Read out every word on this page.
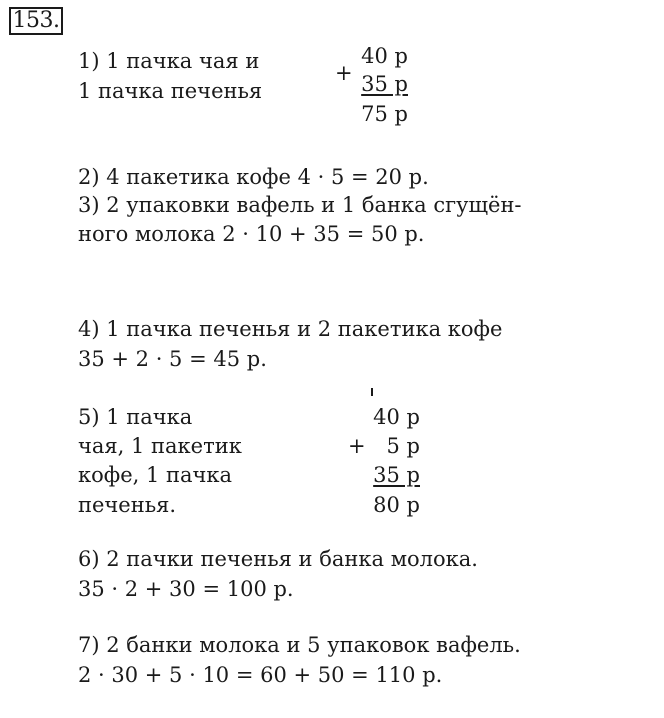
153.
1) 1 пачка чая и
1 пачка печенья
+
40 р
35 р
75 р
2) 4 пакетика кофе 4 · 5 = 20 р.
3) 2 упаковки вафель и 1 банка сгущён-
ного молока 2 · 10 + 35 = 50 р.
4) 1 пачка печенья и 2 пакетика кофе
35 + 2 · 5 = 45 р.
5) 1 пачка
чая, 1 пакетик
кофе, 1 пачка
печенья.
+
40 р
5 р
35 р
80 р
6) 2 пачки печенья и банка молока.
35 · 2 + 30 = 100 р.
7) 2 банки молока и 5 упаковок вафель.
2 · 30 + 5 · 10 = 60 + 50 = 110 р.
